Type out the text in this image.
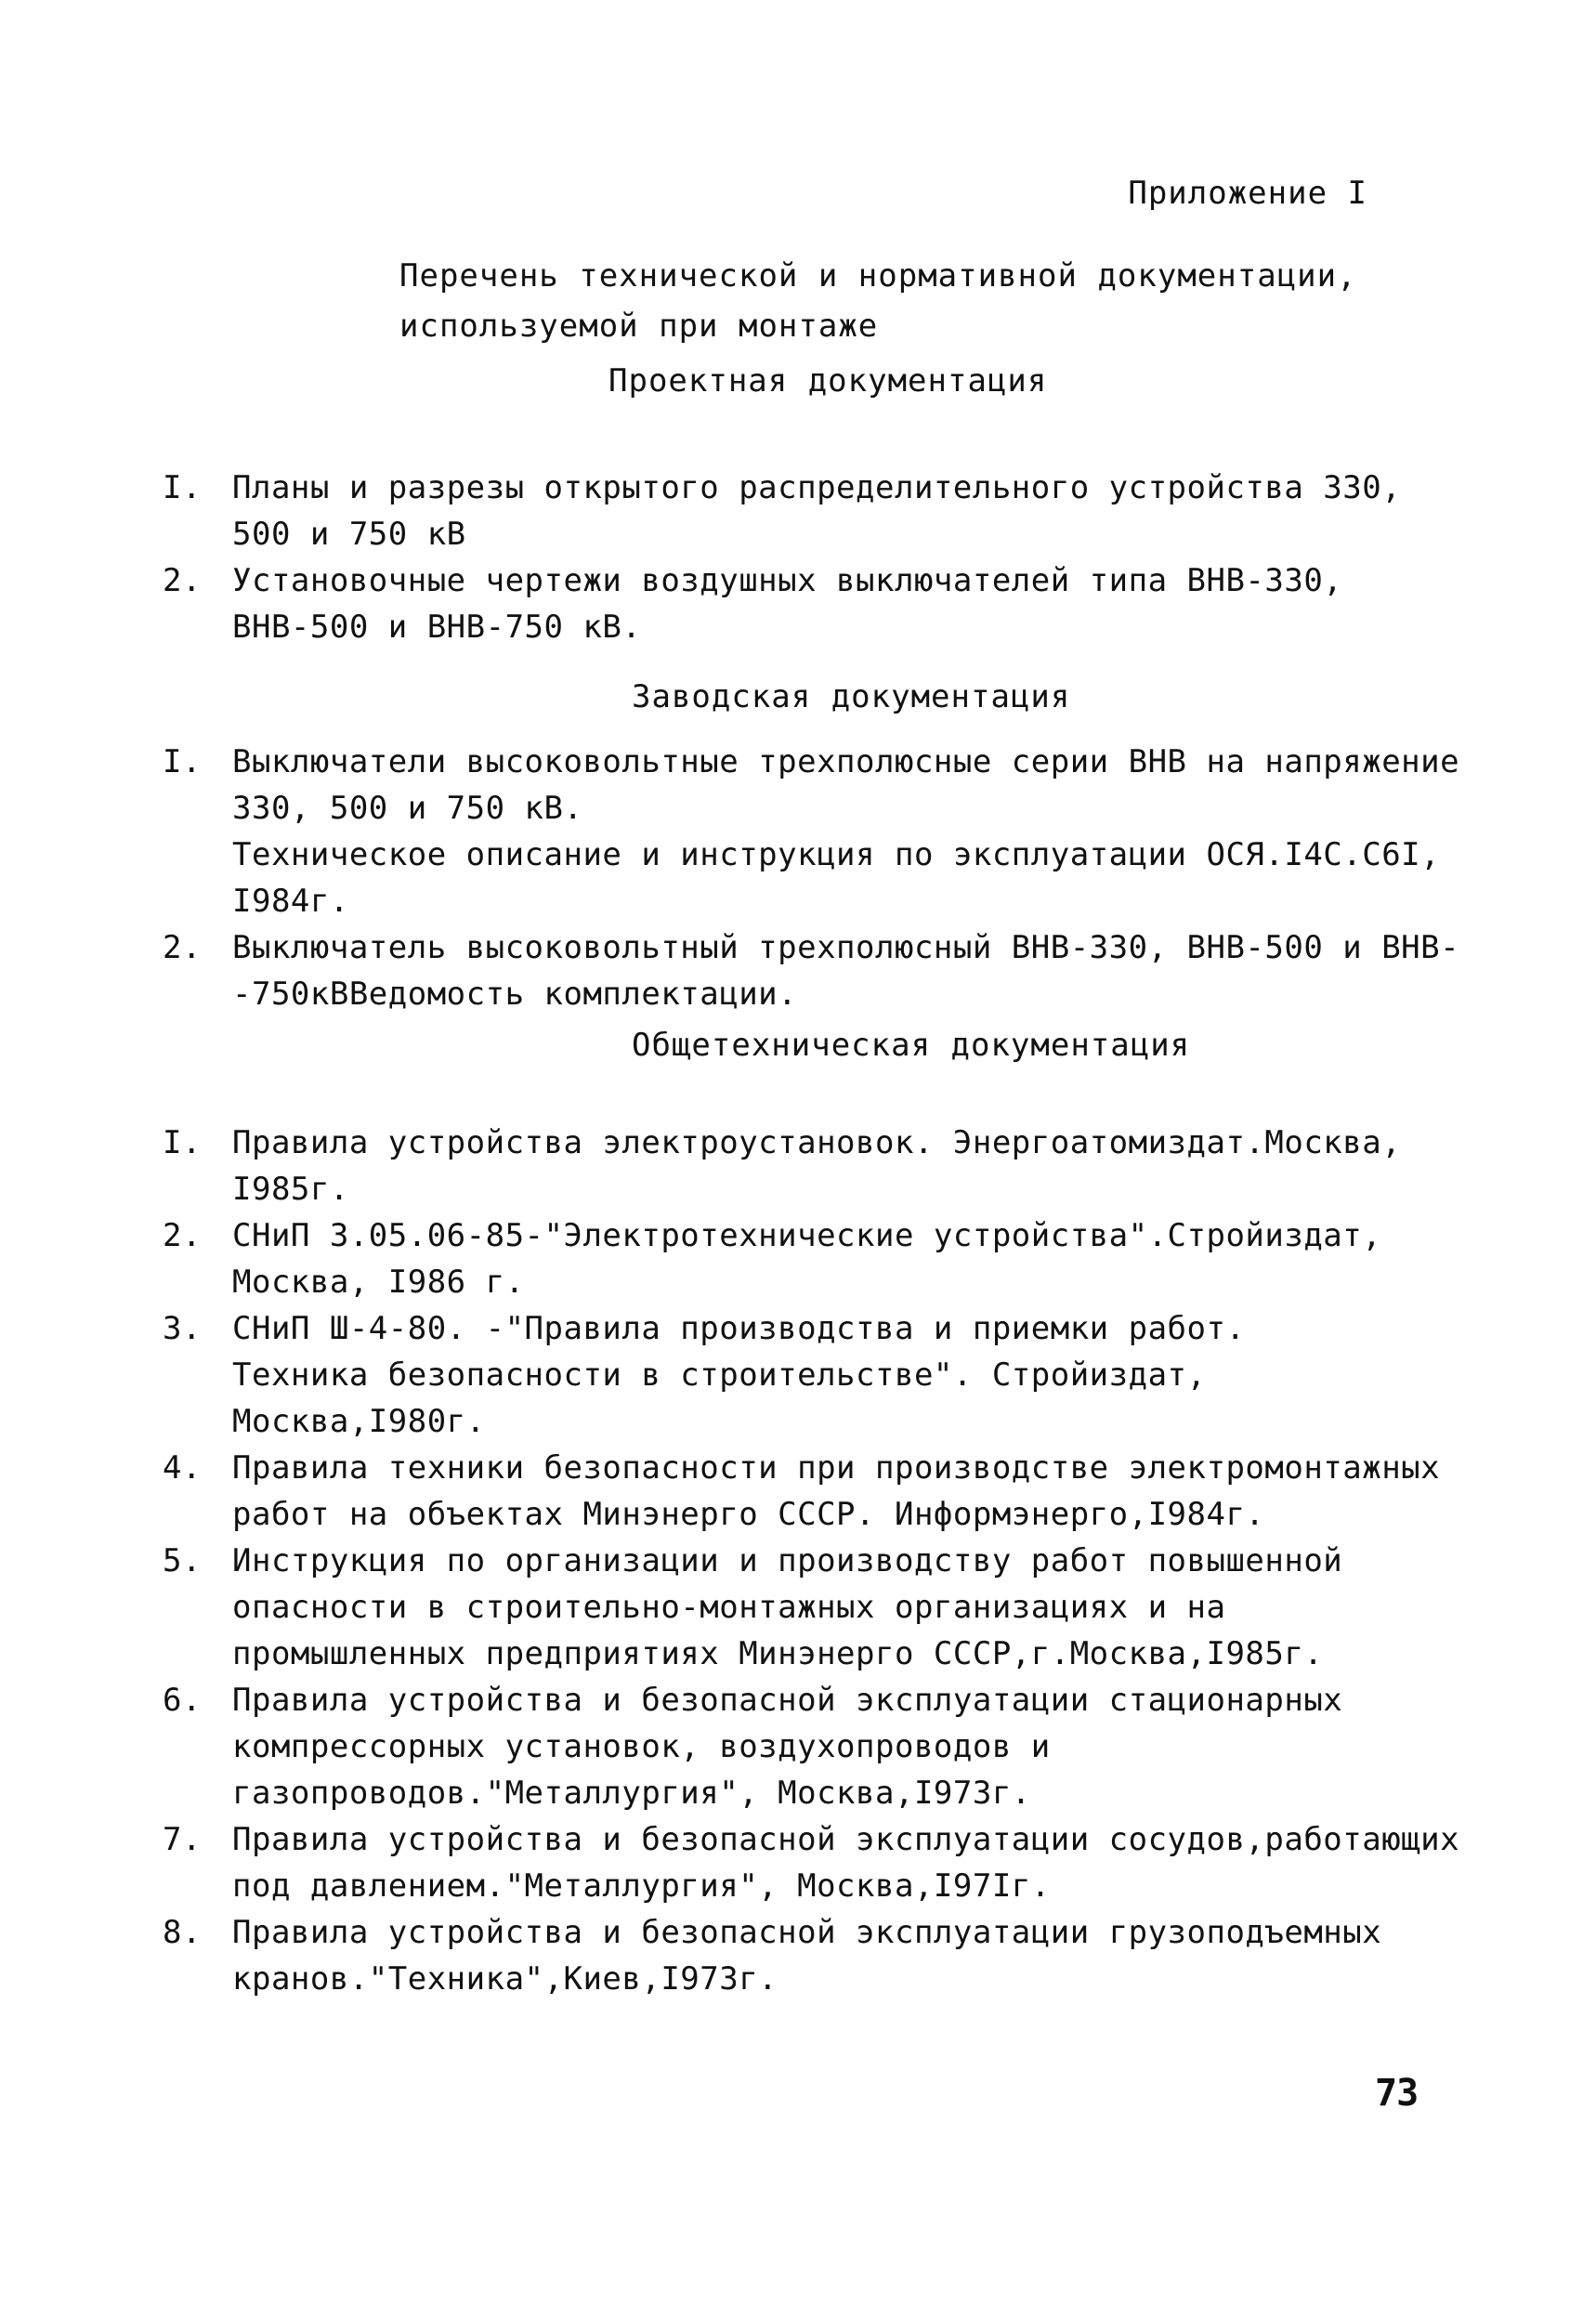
Приложение I
Перечень технической и нормативной документации,
используемой при монтаже
Проектная документация
I. Планы и разрезы открытого распределительного устройства 330, 500 и 750 кВ
2. Установочные чертежи воздушных выключателей типа ВНВ-330, ВНВ-500 и ВНВ-750 кВ.
Заводская документация
I. Выключатели высоковольтные трехполюсные серии ВНВ на напряжение 330, 500 и 750 кВ.
Техническое описание и инструкция по эксплуатации ОСЯ.I4С.С6I, I984г.
2. Выключатель высоковольтный трехполюсный ВНВ-330, ВНВ-500 и ВНВ--750кВВедомость комплектации.
Общетехническая документация
I. Правила устройства электроустановок. Энергоатомиздат.Москва, I985г.
2. СНиП 3.05.06-85-"Электротехнические устройства".Стройиздат, Москва, I986 г.
3. СНиП Ш-4-80. -"Правила производства и приемки работ.
Техника безопасности в строительстве". Стройиздат, Москва,I980г.
4. Правила техники безопасности при производстве электромонтажных работ на объектах Минэнерго СССР. Информэнерго,I984г.
5. Инструкция по организации и производству работ повышенной опасности в строительно-монтажных организациях и на промышленных предприятиях Минэнерго СССР,г.Москва,I985г.
6. Правила устройства и безопасной эксплуатации стационарных компрессорных установок, воздухопроводов и газопроводов."Металлургия", Москва,I973г.
7. Правила устройства и безопасной эксплуатации сосудов,работающих под давлением."Металлургия", Москва,I97Iг.
8. Правила устройства и безопасной эксплуатации грузоподъемных кранов."Техника",Киев,I973г.
73
